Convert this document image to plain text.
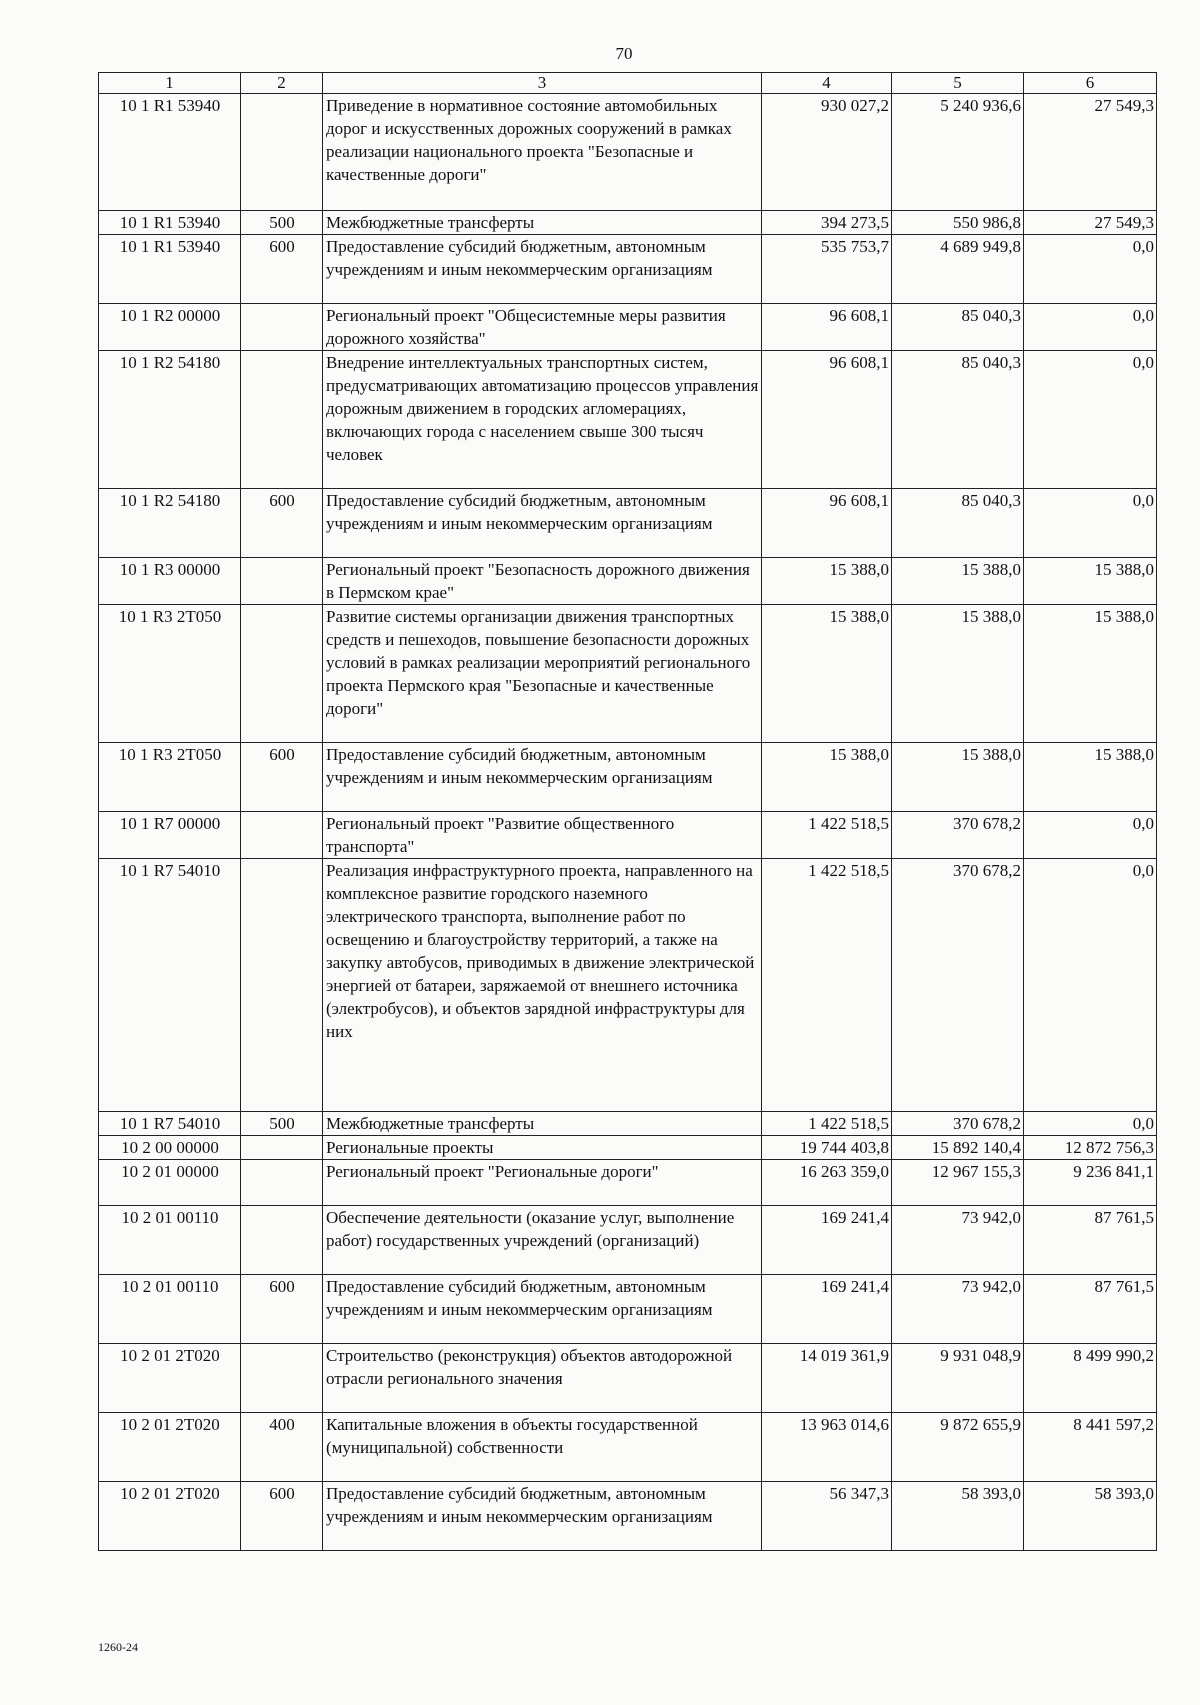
70
1	2	3	4	5	6
10 1 R1 53940		Приведение в нормативное состояние автомобильных дорог и искусственных дорожных сооружений в рамках реализации национального проекта "Безопасные и качественные дороги"	930 027,2	5 240 936,6	27 549,3
10 1 R1 53940	500	Межбюджетные трансферты	394 273,5	550 986,8	27 549,3
10 1 R1 53940	600	Предоставление субсидий бюджетным, автономным учреждениям и иным некоммерческим организациям	535 753,7	4 689 949,8	0,0
10 1 R2 00000		Региональный проект "Общесистемные меры развития дорожного хозяйства"	96 608,1	85 040,3	0,0
10 1 R2 54180		Внедрение интеллектуальных транспортных систем, предусматривающих автоматизацию процессов управления дорожным движением в городских агломерациях, включающих города с населением свыше 300 тысяч человек	96 608,1	85 040,3	0,0
10 1 R2 54180	600	Предоставление субсидий бюджетным, автономным учреждениям и иным некоммерческим организациям	96 608,1	85 040,3	0,0
10 1 R3 00000		Региональный проект "Безопасность дорожного движения в Пермском крае"	15 388,0	15 388,0	15 388,0
10 1 R3 2T050		Развитие системы организации движения транспортных средств и пешеходов, повышение безопасности дорожных условий в рамках реализации мероприятий регионального проекта Пермского края "Безопасные и качественные дороги"	15 388,0	15 388,0	15 388,0
10 1 R3 2T050	600	Предоставление субсидий бюджетным, автономным учреждениям и иным некоммерческим организациям	15 388,0	15 388,0	15 388,0
10 1 R7 00000		Региональный проект "Развитие общественного транспорта"	1 422 518,5	370 678,2	0,0
10 1 R7 54010		Реализация инфраструктурного проекта, направленного на комплексное развитие городского наземного электрического транспорта, выполнение работ по освещению и благоустройству территорий, а также на закупку автобусов, приводимых в движение электрической энергией от батареи, заряжаемой от внешнего источника (электробусов), и объектов зарядной инфраструктуры для них	1 422 518,5	370 678,2	0,0
10 1 R7 54010	500	Межбюджетные трансферты	1 422 518,5	370 678,2	0,0
10 2 00 00000		Региональные проекты	19 744 403,8	15 892 140,4	12 872 756,3
10 2 01 00000		Региональный проект "Региональные дороги"	16 263 359,0	12 967 155,3	9 236 841,1
10 2 01 00110		Обеспечение деятельности (оказание услуг, выполнение работ) государственных учреждений (организаций)	169 241,4	73 942,0	87 761,5
10 2 01 00110	600	Предоставление субсидий бюджетным, автономным учреждениям и иным некоммерческим организациям	169 241,4	73 942,0	87 761,5
10 2 01 2T020		Строительство (реконструкция) объектов автодорожной отрасли регионального значения	14 019 361,9	9 931 048,9	8 499 990,2
10 2 01 2T020	400	Капитальные вложения в объекты государственной (муниципальной) собственности	13 963 014,6	9 872 655,9	8 441 597,2
10 2 01 2T020	600	Предоставление субсидий бюджетным, автономным учреждениям и иным некоммерческим организациям	56 347,3	58 393,0	58 393,0
1260-24
